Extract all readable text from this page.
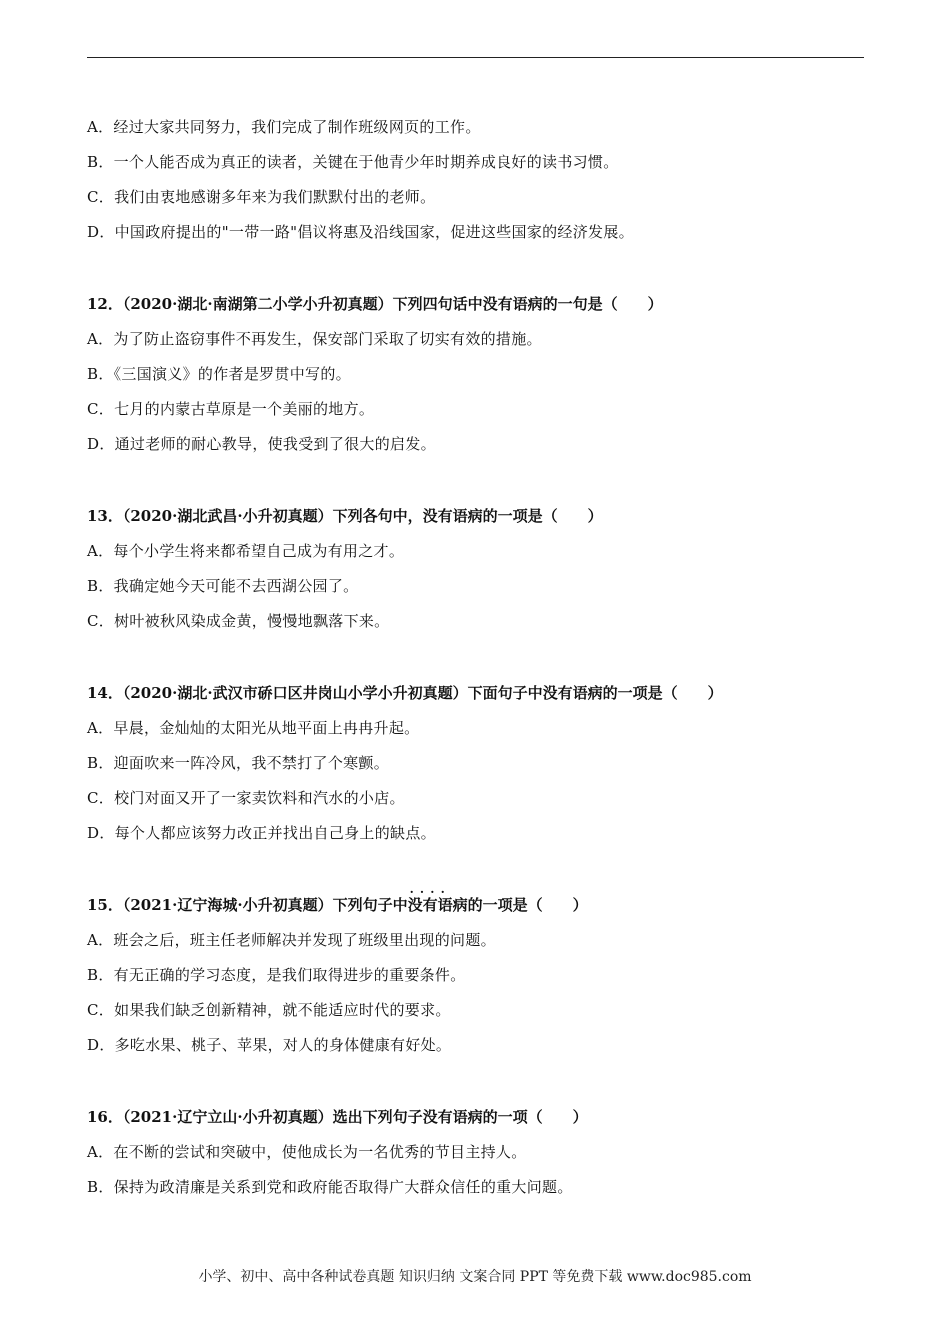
A．经过大家共同努力，我们完成了制作班级网页的工作。
B．一个人能否成为真正的读者，关键在于他青少年时期养成良好的读书习惯。
C．我们由衷地感谢多年来为我们默默付出的老师。
D．中国政府提出的"一带一路"倡议将惠及沿线国家，促进这些国家的经济发展。
12．（2020·湖北·南湖第二小学小升初真题）下列四句话中没有语病的一句是（　　）
A．为了防止盗窃事件不再发生，保安部门采取了切实有效的措施。
B．《三国演义》的作者是罗贯中写的。
C．七月的内蒙古草原是一个美丽的地方。
D．通过老师的耐心教导，使我受到了很大的启发。
13．（2020·湖北武昌·小升初真题）下列各句中，没有语病的一项是（　　）
A．每个小学生将来都希望自己成为有用之才。
B．我确定她今天可能不去西湖公园了。
C．树叶被秋风染成金黄，慢慢地飘落下来。
14．（2020·湖北·武汉市硚口区井岗山小学小升初真题）下面句子中没有语病的一项是（　　）
A．早晨，金灿灿的太阳光从地平面上冉冉升起。
B．迎面吹来一阵冷风，我不禁打了个寒颤。
C．校门对面又开了一家卖饮料和汽水的小店。
D．每个人都应该努力改正并找出自己身上的缺点。
15．（2021·辽宁海城·小升初真题）下列句子中· · · · 没有语病的一项是（　　）
A．班会之后，班主任老师解决并发现了班级里出现的问题。
B．有无正确的学习态度，是我们取得进步的重要条件。
C．如果我们缺乏创新精神，就不能适应时代的要求。
D．多吃水果、桃子、苹果，对人的身体健康有好处。
16．（2021·辽宁立山·小升初真题）选出下列句子没有语病的一项（　　）
A．在不断的尝试和突破中，使他成长为一名优秀的节目主持人。
B．保持为政清廉是关系到党和政府能否取得广大群众信任的重大问题。
小学、初中、高中各种试卷真题 知识归纳 文案合同 PPT 等免费下载 www.doc985.com
